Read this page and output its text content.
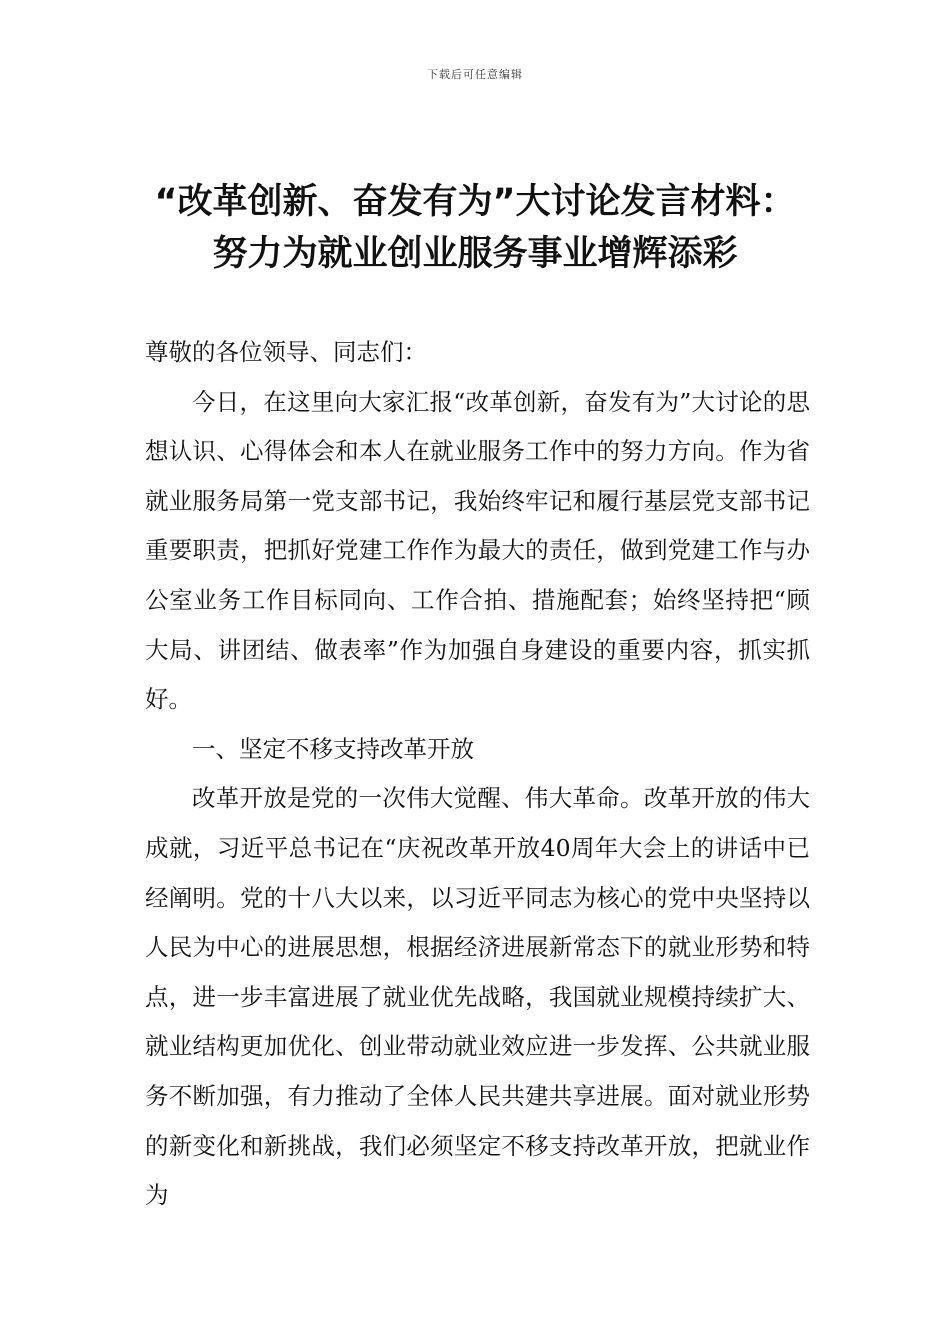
下载后可任意编辑
“改革创新、奋发有为”大讨论发言材料：
努力为就业创业服务事业增辉添彩

尊敬的各位领导、同志们：

今日，在这里向大家汇报“改革创新，奋发有为”大讨论的思想认识、心得体会和本人在就业服务工作中的努力方向。作为省就业服务局第一党支部书记，我始终牢记和履行基层党支部书记重要职责，把抓好党建工作作为最大的责任，做到党建工作与办公室业务工作目标同向、工作合拍、措施配套；始终坚持把“顾大局、讲团结、做表率”作为加强自身建设的重要内容，抓实抓好。

一、坚定不移支持改革开放

改革开放是党的一次伟大觉醒、伟大革命。改革开放的伟大成就，习近平总书记在“庆祝改革开放40周年大会上的讲话中已经阐明。党的十八大以来，以习近平同志为核心的党中央坚持以人民为中心的进展思想，根据经济进展新常态下的就业形势和特点，进一步丰富进展了就业优先战略，我国就业规模持续扩大、就业结构更加优化、创业带动就业效应进一步发挥、公共就业服务不断加强，有力推动了全体人民共建共享进展。面对就业形势的新变化和新挑战，我们必须坚定不移支持改革开放，把就业作为
